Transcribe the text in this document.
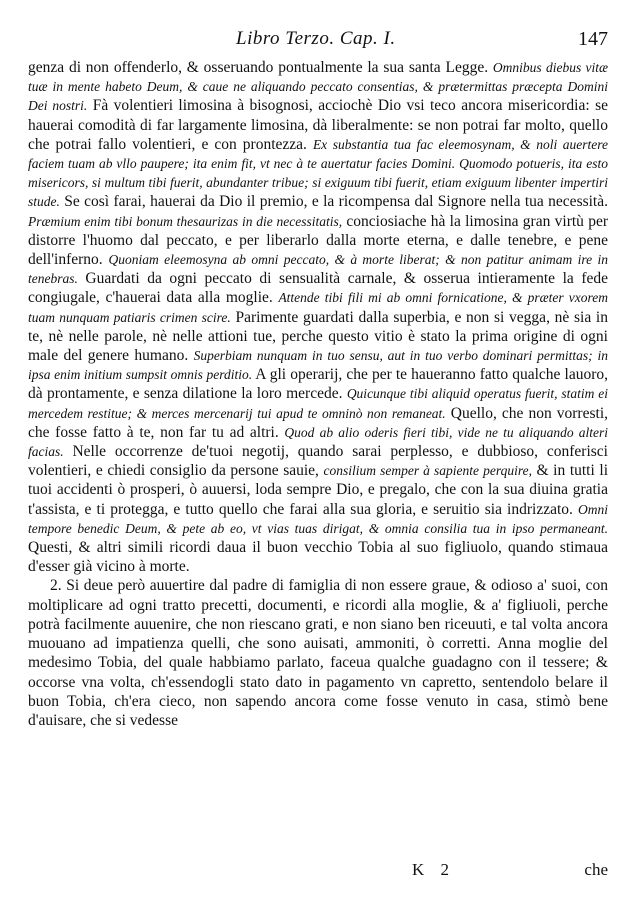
Libro Terzo. Cap. I.	147

genza di non offenderlo, & osseruando pontualmente la sua santa Legge. Omnibus diebus vitæ tuæ in mente habeto Deum, & caue ne aliquando peccato consentias, & prætermittas præcepta Domini Dei nostri. Fà volentieri limosina à bisognosi, acciochè Dio vsi teco ancora misericordia: se hauerai comodità di far largamente limosina, dà liberalmente: se non potrai far molto, quello che potrai fallo volentieri, e con prontezza. Ex substantia tua fac eleemosynam, & noli auertere faciem tuam ab vllo paupere; ita enim fit, vt nec à te auertatur facies Domini. Quomodo potueris, ita esto misericors, si multum tibi fuerit, abundanter tribue; si exiguum tibi fuerit, etiam exiguum libenter impertiri stude. Se così farai, hauerai da Dio il premio, e la ricompensa dal Signore nella tua necessità. Præmium enim tibi bonum thesaurizas in die necessitatis, conciosiache hà la limosina gran virtù per distorre l'huomo dal peccato, e per liberarlo dalla morte eterna, e dalle tenebre, e pene dell'inferno. Quoniam eleemosyna ab omni peccato, & à morte liberat; & non patitur animam ire in tenebras. Guardati da ogni peccato di sensualità carnale, & osserua intieramente la fede congiugale, c'hauerai data alla moglie. Attende tibi fili mi ab omni fornicatione, & præter vxorem tuam nunquam patiaris crimen scire. Parimente guardati dalla superbia, e non si vegga, nè sia in te, nè nelle parole, nè nelle attioni tue, perche questo vitio è stato la prima origine di ogni male del genere humano. Superbiam nunquam in tuo sensu, aut in tuo verbo dominari permittas; in ipsa enim initium sumpsit omnis perditio. A gli operarij, che per te haueranno fatto qualche lauoro, dà prontamente, e senza dilatione la loro mercede. Quicunque tibi aliquid operatus fuerit, statim ei mercedem restitue; & merces mercenarij tui apud te omninò non remaneat. Quello, che non vorresti, che fosse fatto à te, non far tu ad altri. Quod ab alio oderis fieri tibi, vide ne tu aliquando alteri facias. Nelle occorrenze de'tuoi negotij, quando sarai perplesso, e dubbioso, conferisci volentieri, e chiedi consiglio da persone sauie, consilium semper à sapiente perquire, & in tutti li tuoi accidenti ò prosperi, ò auuersi, loda sempre Dio, e pregalo, che con la sua diuina gratia t'assista, e ti protegga, e tutto quello che farai alla sua gloria, e seruitio sia indrizzato. Omni tempore benedic Deum, & pete ab eo, vt vias tuas dirigat, & omnia consilia tua in ipso permaneant. Questi, & altri simili ricordi daua il buon vecchio Tobia al suo figliuolo, quando stimaua d'esser già vicino à morte.

2. Si deue però auuertire dal padre di famiglia di non essere graue, & odioso a' suoi, con moltiplicare ad ogni tratto precetti, documenti, e ricordi alla moglie, & a' figliuoli, perche potrà facilmente auuenire, che non riescano grati, e non siano ben riceuuti, e tal volta ancora muouano ad impatienza quelli, che sono auisati, ammoniti, ò corretti. Anna moglie del medesimo Tobia, del quale habbiamo parlato, faceua qualche guadagno con il tessere; & occorse vna volta, ch'essendogli stato dato in pagamento vn capretto, sentendolo belare il buon Tobia, ch'era cieco, non sapendo ancora come fosse venuto in casa, stimò bene d'auisare, che si vedesse

K 2	che
